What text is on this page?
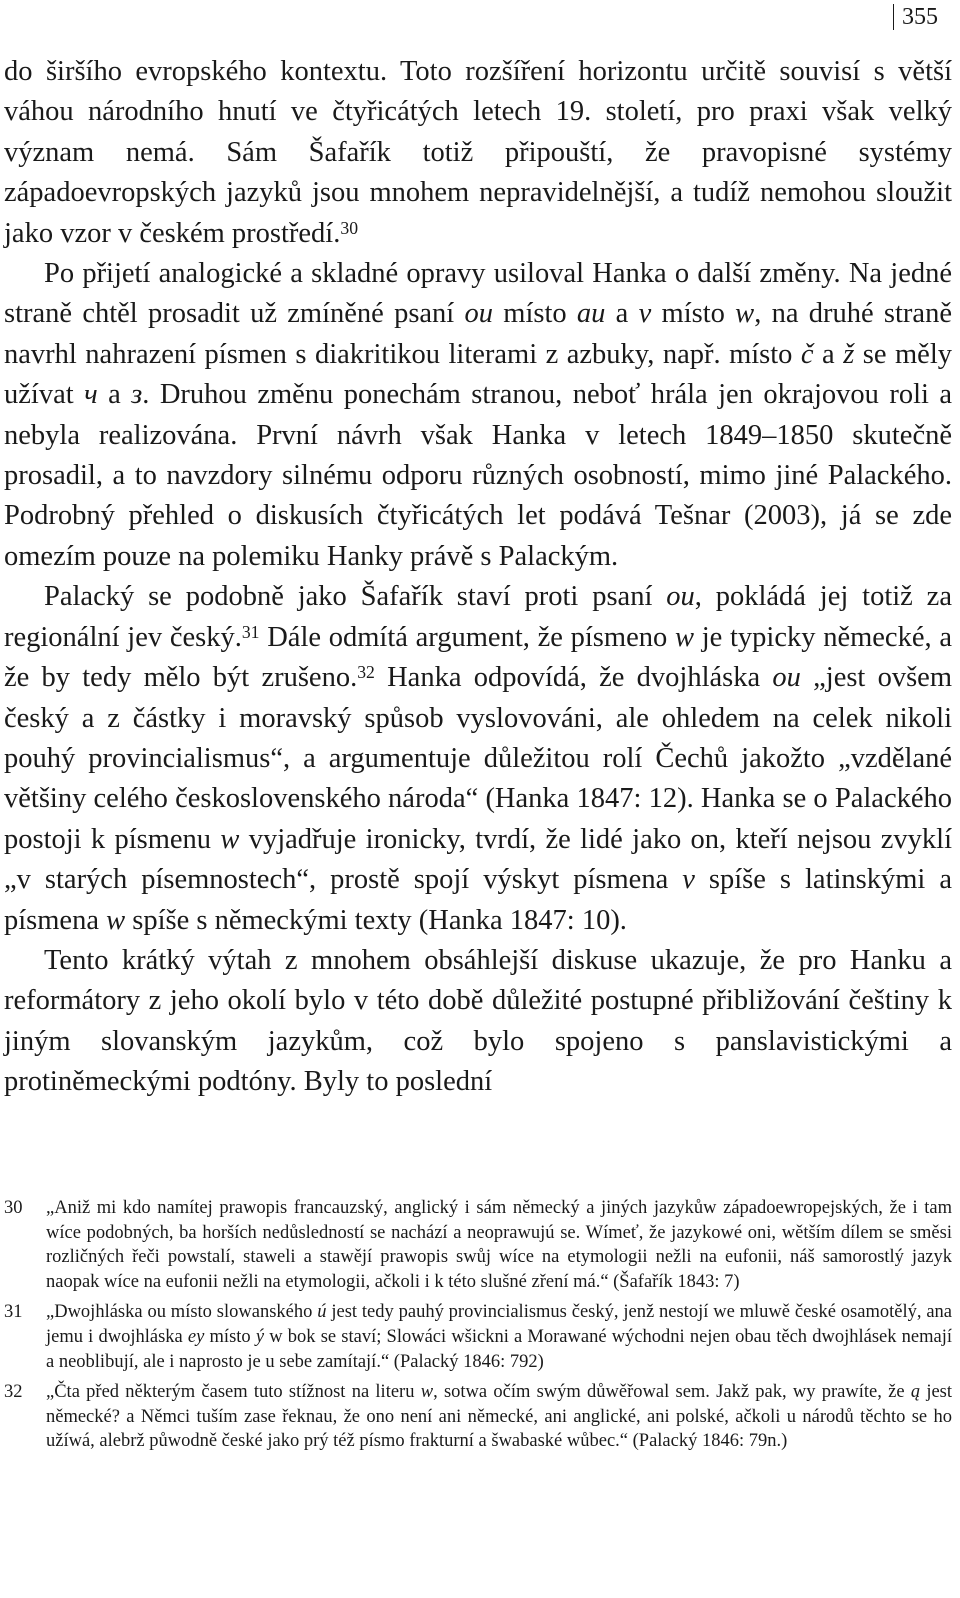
355

do širšího evropského kontextu. Toto rozšíření horizontu určitě souvisí s větší váhou národního hnutí ve čtyřicátých letech 19. století, pro praxi však velký význam nemá. Sám Šafařík totiž připouští, že pravopisné systémy západoevropských jazyků jsou mnohem nepravidelnější, a tudíž nemohou sloužit jako vzor v českém prostředí.$^{30}$

Po přijetí analogické a skladné opravy usiloval Hanka o další změny. Na jedné straně chtěl prosadit už zmíněné psaní ou místo au a v místo w, na druhé straně navrhl nahrazení písmen s diakritikou literami z azbuky, např. místo č a ž se měly užívat ч a з. Druhou změnu ponechám stranou, neboť hrála jen okrajovou roli a nebyla realizována. První návrh však Hanka v letech 1849–1850 skutečně prosadil, a to navzdory silnému odporu různých osobností, mimo jiné Palackého. Podrobný přehled o diskusích čtyřicátých let podává Tešnar (2003), já se zde omezím pouze na polemiku Hanky právě s Palackým.

Palacký se podobně jako Šafařík staví proti psaní ou, pokládá jej totiž za regionální jev český.$^{31}$ Dále odmítá argument, že písmeno w je typicky německé, a že by tedy mělo být zrušeno.$^{32}$ Hanka odpovídá, že dvojhláska ou „jest ovšem český a z částky i moravský spůsob vyslovováni, ale ohledem na celek nikoli pouhý provincialismus“, a argumentuje důležitou rolí Čechů jakožto „vzdělané většiny celého československého národa“ (Hanka 1847: 12). Hanka se o Palackého postoji k písmenu w vyjadřuje ironicky, tvrdí, že lidé jako on, kteří nejsou zvyklí „v starých písemnostech“, prostě spojí výskyt písmena v spíše s latinskými a písmena w spíše s německými texty (Hanka 1847: 10).

Tento krátký výtah z mnohem obsáhlejší diskuse ukazuje, že pro Hanku a reformátory z jeho okolí bylo v této době důležité postupné přibližování češtiny k jiným slovanským jazykům, což bylo spojeno s panslavistickými a protiněmeckými podtóny. Byly to poslední

30	„Aniž mi kdo namítej prawopis francauzský, anglický i sám německý a jiných jazykůw západoewropejských, že i tam wíce podobných, ba horších nedůsledností se nachází a neoprawujú se. Wímeť, že jazykowé oni, wětším dílem se směsi rozličných řeči powstalí, staweli a stawějí prawopis swůj wíce na etymologii nežli na eufonii, náš samorostlý jazyk naopak wíce na eufonii nežli na etymologii, ačkoli i k této slušné zření má.“ (Šafařík 1843: 7)
31	„Dwojhláska ou místo slowanského ú jest tedy pauhý provincialismus český, jenž nestojí we mluwě české osamotělý, ana jemu i dwojhláska ey místo ý w bok se staví; Slowáci wšickni a Morawané wýchodni nejen obau těch dwojhlásek nemají a neoblibují, ale i naprosto je u sebe zamítají.“ (Palacký 1846: 792)
32	„Čta před některým časem tuto stížnost na literu w, sotwa očím swým důwěřowal sem. Jakž pak, wy prawíte, že ą jest německé? a Němci tuším zase řeknau, že ono není ani německé, ani anglické, ani polské, ačkoli u národů těchto se ho užíwá, alebrž půwodně české jako prý též písmo frakturní a šwabaské wůbec.“ (Palacký 1846: 79n.)
